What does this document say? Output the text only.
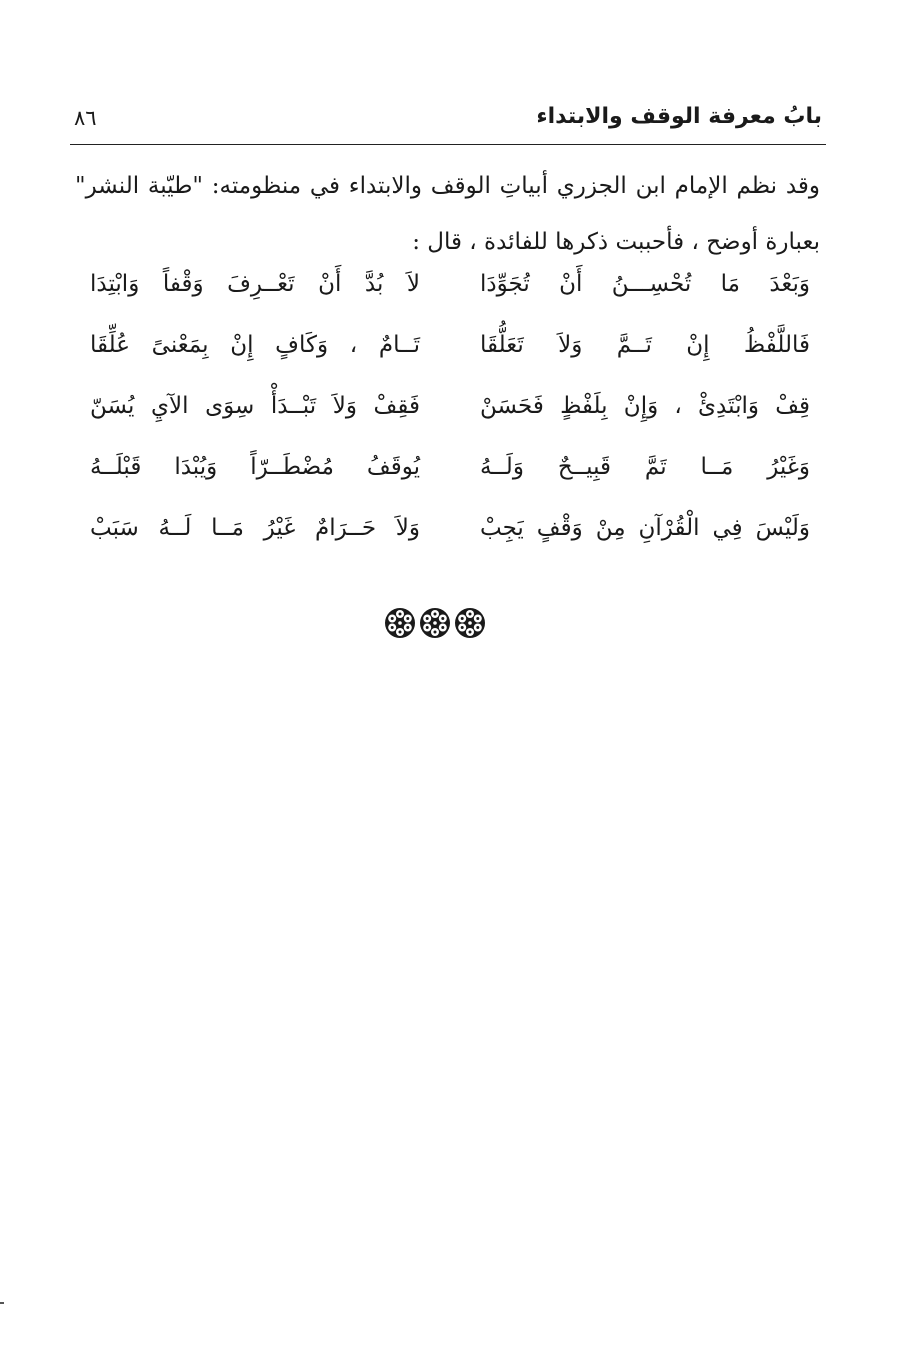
بابُ معرفة الوقف والابتداء
٨٦
وقد نظم الإمام ابن الجزري أبياتِ الوقف والابتداء في منظومته: "طيّبة النشر" بعبارة أوضح ، فأحببت ذكرها للفائدة ، قال :
وَبَعْدَ مَا تُحْسِـــنُ أَنْ تُجَوِّدَا
لاَ بُدَّ أَنْ تَعْــرِفَ وَقْفاً وَابْتِدَا
فَاللَّفْظُ إِنْ تَــمَّ وَلاَ تَعَلُّقَا
تَــامٌ ، وَكَافٍ إِنْ بِمَعْنىً عُلِّقَا
قِفْ وَابْتَدِئْ ، وَإِنْ بِلَفْظٍ فَحَسَنْ
فَقِفْ وَلاَ تَبْــدَأْ سِوَى الآيِ يُسَنّ
وَغَيْرُ مَــا تَمَّ قَبِيــحٌ وَلَــهُ
يُوقَفُ مُضْطَــرّاً وَيُبْدَا قَبْلَــهُ
وَلَيْسَ فِي الْقُرْآنِ مِنْ وَقْفٍ يَجِبْ
وَلاَ حَــرَامٌ غَيْرُ مَــا لَــهُ سَبَبْ
